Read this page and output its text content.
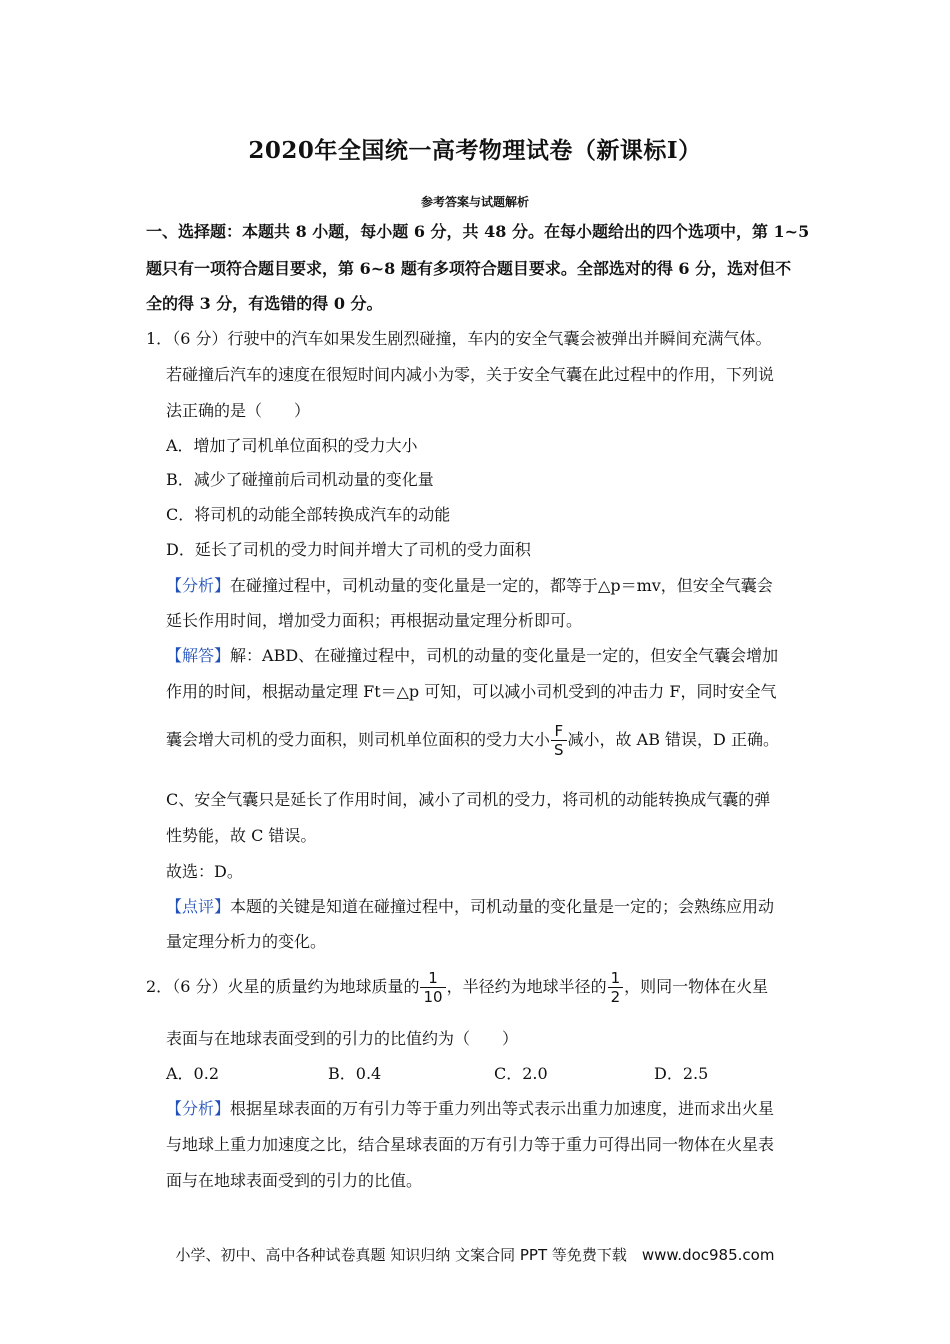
2020年全国统一高考物理试卷（新课标Ⅰ）
参考答案与试题解析
一、选择题：本题共 8 小题，每小题 6 分，共 48 分。在每小题给出的四个选项中，第 1~5
题只有一项符合题目要求，第 6~8 题有多项符合题目要求。全部选对的得 6 分，选对但不
全的得 3 分，有选错的得 0 分。
1．（6 分）行驶中的汽车如果发生剧烈碰撞，车内的安全气囊会被弹出并瞬间充满气体。
若碰撞后汽车的速度在很短时间内减小为零，关于安全气囊在此过程中的作用，下列说
法正确的是（　　）
A．增加了司机单位面积的受力大小
B．减少了碰撞前后司机动量的变化量
C．将司机的动能全部转换成汽车的动能
D．延长了司机的受力时间并增大了司机的受力面积
【分析】在碰撞过程中，司机动量的变化量是一定的，都等于△p＝mv，但安全气囊会
延长作用时间，增加受力面积；再根据动量定理分析即可。
【解答】解：ABD、在碰撞过程中，司机的动量的变化量是一定的，但安全气囊会增加
作用的时间，根据动量定理 Ft＝△p 可知，可以减小司机受到的冲击力 F，同时安全气
囊会增大司机的受力面积，则司机单位面积的受力大小 $\frac{F}{S}$ 减小，故 AB 错误，D 正确。
C、安全气囊只是延长了作用时间，减小了司机的受力，将司机的动能转换成气囊的弹
性势能，故 C 错误。
故选：D。
【点评】本题的关键是知道在碰撞过程中，司机动量的变化量是一定的；会熟练应用动
量定理分析力的变化。
2．（6 分）火星的质量约为地球质量的 $\frac{1}{10}$ ，半径约为地球半径的 $\frac{1}{2}$ ，则同一物体在火星
表面与在地球表面受到的引力的比值约为（　　）
A．0.2	B．0.4	C．2.0	D．2.5
【分析】根据星球表面的万有引力等于重力列出等式表示出重力加速度，进而求出火星
与地球上重力加速度之比，结合星球表面的万有引力等于重力可得出同一物体在火星表
面与在地球表面受到的引力的比值。
小学、初中、高中各种试卷真题 知识归纳 文案合同 PPT 等免费下载　www.doc985.com
